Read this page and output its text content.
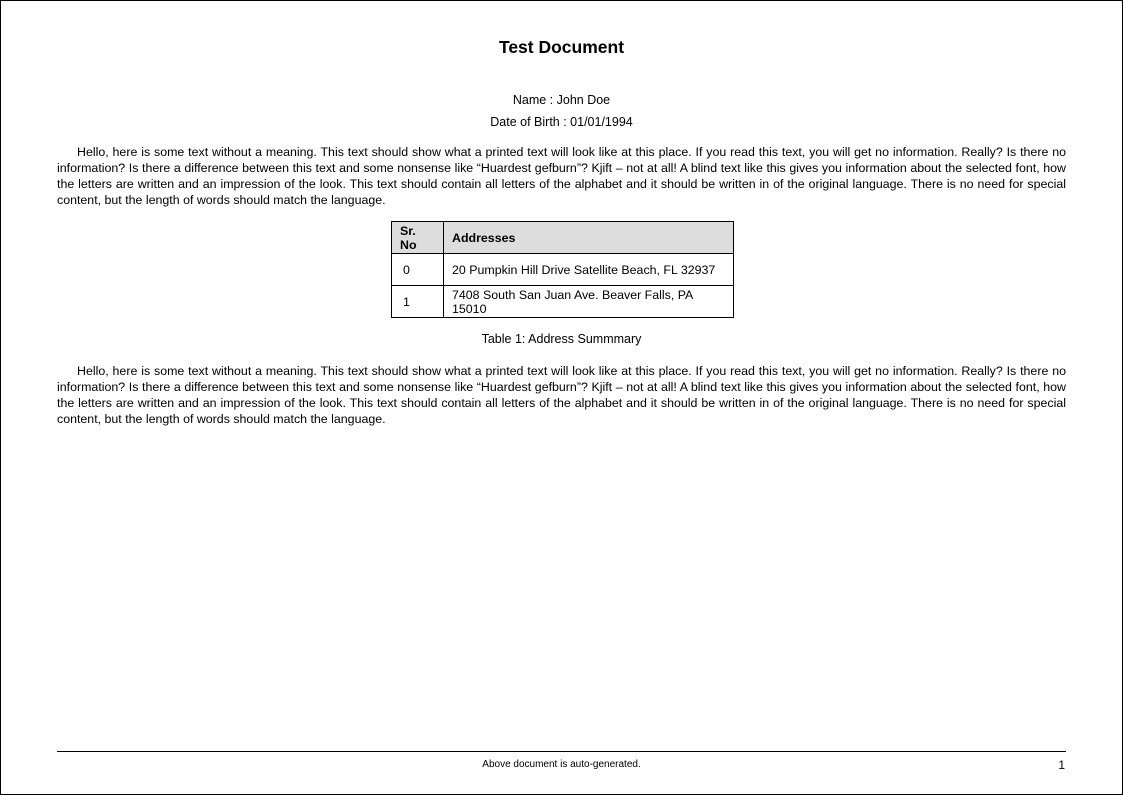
Test Document
Name : John Doe
Date of Birth : 01/01/1994

Hello, here is some text without a meaning. This text should show what a printed text will look like at this place. If you read this text, you will get no information. Really? Is there no information? Is there a difference between this text and some nonsense like “Huardest gefburn”? Kjift – not at all! A blind text like this gives you information about the selected font, how the letters are written and an impression of the look. This text should contain all letters of the alphabet and it should be written in of the original language. There is no need for special content, but the length of words should match the language.

Sr. No	Addresses
0	20 Pumpkin Hill Drive Satellite Beach, FL 32937
1	7408 South San Juan Ave. Beaver Falls, PA 15010
Table 1: Address Summmary

Hello, here is some text without a meaning. This text should show what a printed text will look like at this place. If you read this text, you will get no information. Really? Is there no information? Is there a difference between this text and some nonsense like “Huardest gefburn”? Kjift – not at all! A blind text like this gives you information about the selected font, how the letters are written and an impression of the look. This text should contain all letters of the alphabet and it should be written in of the original language. There is no need for special content, but the length of words should match the language.

Above document is auto-generated.	1
